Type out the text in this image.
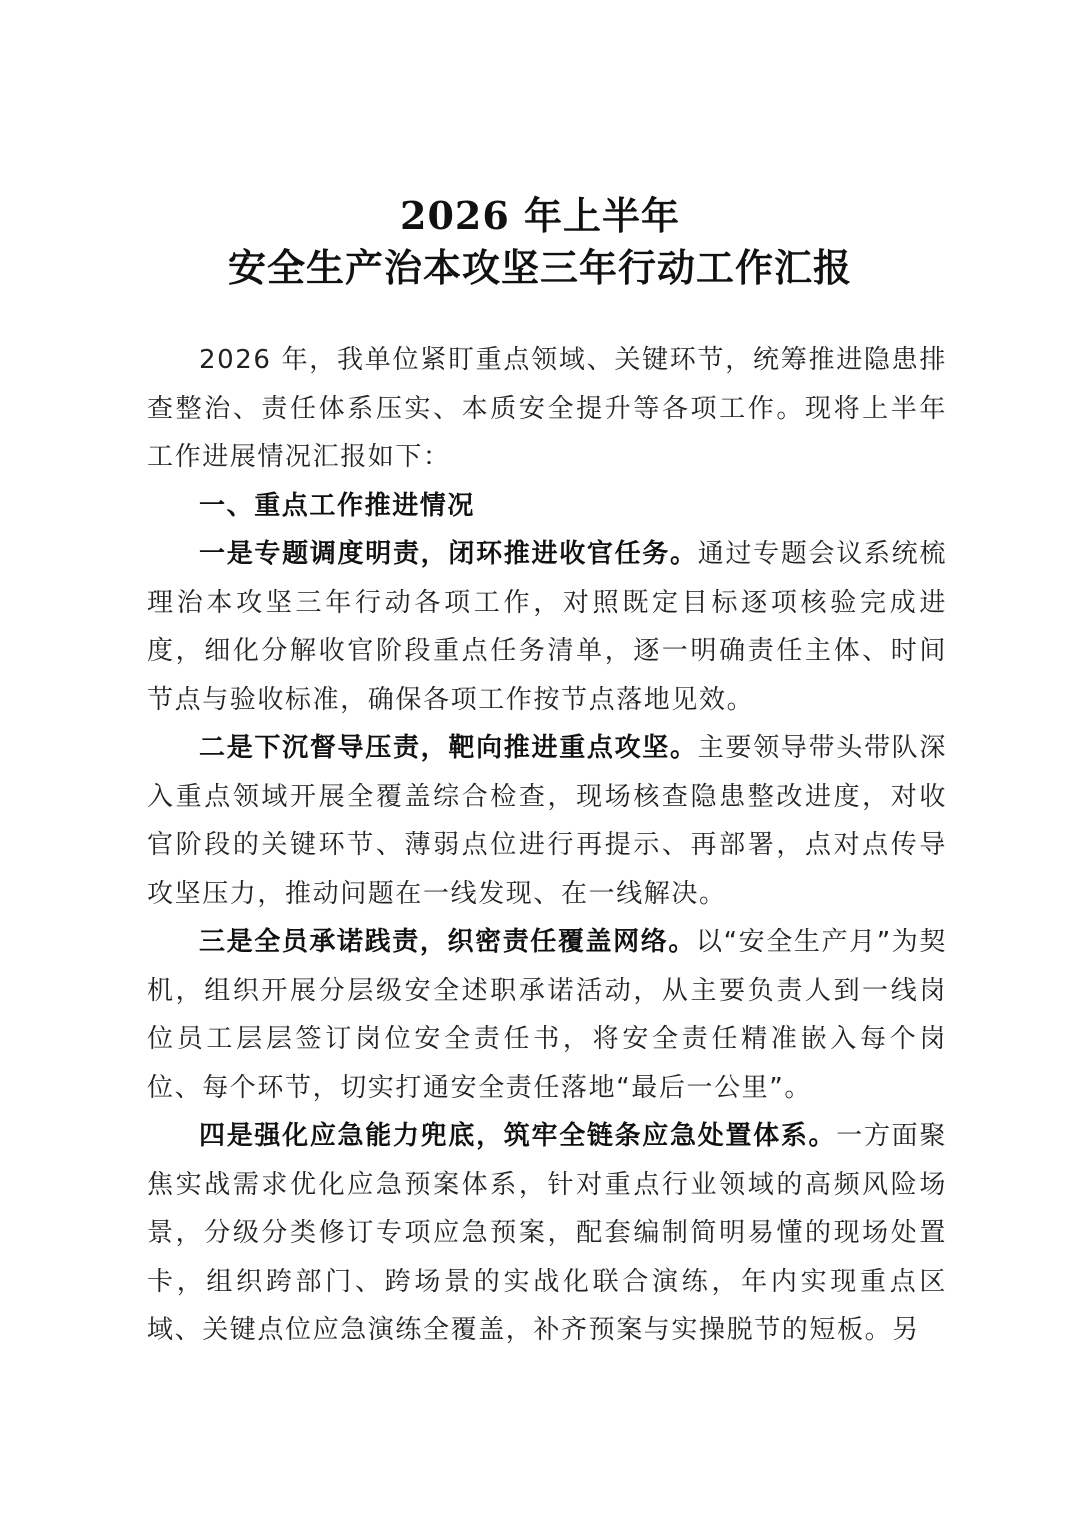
2026 年上半年

安全生产治本攻坚三年行动工作汇报

2026 年，我单位紧盯重点领域、关键环节，统筹推进隐患排查整治、责任体系压实、本质安全提升等各项工作。现将上半年工作进展情况汇报如下：

一、重点工作推进情况

一是专题调度明责，闭环推进收官任务。通过专题会议系统梳理治本攻坚三年行动各项工作，对照既定目标逐项核验完成进度，细化分解收官阶段重点任务清单，逐一明确责任主体、时间节点与验收标准，确保各项工作按节点落地见效。

二是下沉督导压责，靶向推进重点攻坚。主要领导带头带队深入重点领域开展全覆盖综合检查，现场核查隐患整改进度，对收官阶段的关键环节、薄弱点位进行再提示、再部署，点对点传导攻坚压力，推动问题在一线发现、在一线解决。

三是全员承诺践责，织密责任覆盖网络。以“安全生产月”为契机，组织开展分层级安全述职承诺活动，从主要负责人到一线岗位员工层层签订岗位安全责任书，将安全责任精准嵌入每个岗位、每个环节，切实打通安全责任落地“最后一公里”。

四是强化应急能力兜底，筑牢全链条应急处置体系。一方面聚焦实战需求优化应急预案体系，针对重点行业领域的高频风险场景，分级分类修订专项应急预案，配套编制简明易懂的现场处置卡，组织跨部门、跨场景的实战化联合演练，年内实现重点区域、关键点位应急演练全覆盖，补齐预案与实操脱节的短板。另
